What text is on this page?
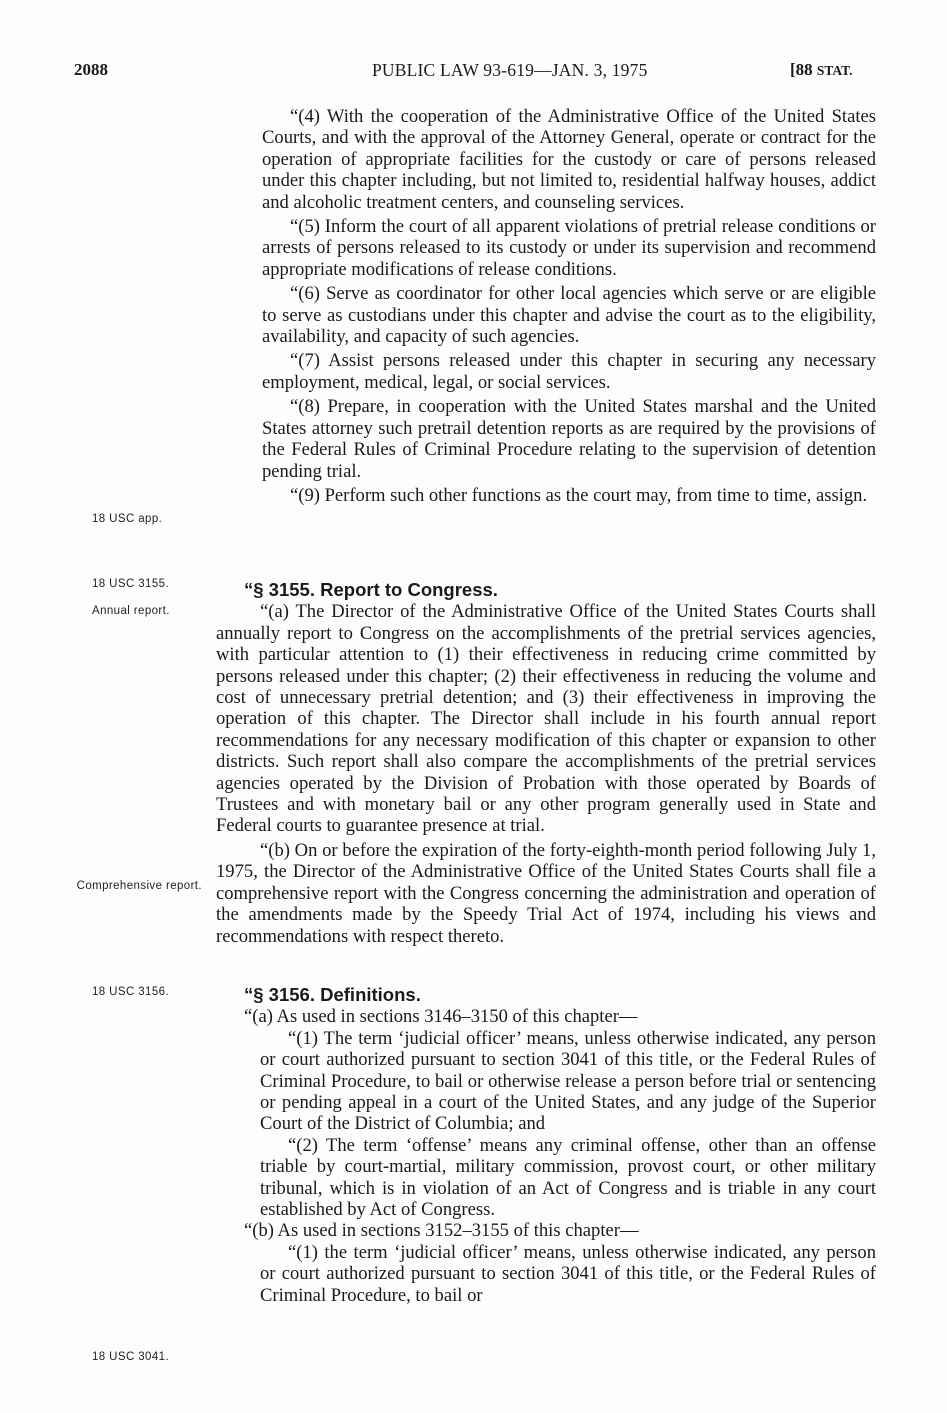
2088	PUBLIC LAW 93-619—JAN. 3, 1975	[88 STAT.
18 USC app.
18 USC 3155.
Annual report.
Comprehensive report.
18 USC 3156.
18 USC 3041.

“(4) With the cooperation of the Administrative Office of the United States Courts, and with the approval of the Attorney General, operate or contract for the operation of appropriate facilities for the custody or care of persons released under this chapter including, but not limited to, residential halfway houses, addict and alcoholic treatment centers, and counseling services.

“(5) Inform the court of all apparent violations of pretrial release conditions or arrests of persons released to its custody or under its supervision and recommend appropriate modifications of release conditions.

“(6) Serve as coordinator for other local agencies which serve or are eligible to serve as custodians under this chapter and advise the court as to the eligibility, availability, and capacity of such agencies.

“(7) Assist persons released under this chapter in securing any necessary employment, medical, legal, or social services.

“(8) Prepare, in cooperation with the United States marshal and the United States attorney such pretrail detention reports as are required by the provisions of the Federal Rules of Criminal Procedure relating to the supervision of detention pending trial.

“(9) Perform such other functions as the court may, from time to time, assign.

“§ 3155. Report to Congress.

“(a) The Director of the Administrative Office of the United States Courts shall annually report to Congress on the accomplishments of the pretrial services agencies, with particular attention to (1) their effectiveness in reducing crime committed by persons released under this chapter; (2) their effectiveness in reducing the volume and cost of unnecessary pretrial detention; and (3) their effectiveness in improving the operation of this chapter. The Director shall include in his fourth annual report recommendations for any necessary modification of this chapter or expansion to other districts. Such report shall also compare the accomplishments of the pretrial services agencies operated by the Division of Probation with those operated by Boards of Trustees and with monetary bail or any other program generally used in State and Federal courts to guarantee presence at trial.

“(b) On or before the expiration of the forty-eighth-month period following July 1, 1975, the Director of the Administrative Office of the United States Courts shall file a comprehensive report with the Congress concerning the administration and operation of the amendments made by the Speedy Trial Act of 1974, including his views and recommendations with respect thereto.

“§ 3156. Definitions.

“(a) As used in sections 3146–3150 of this chapter—

“(1) The term ‘judicial officer’ means, unless otherwise indicated, any person or court authorized pursuant to section 3041 of this title, or the Federal Rules of Criminal Procedure, to bail or otherwise release a person before trial or sentencing or pending appeal in a court of the United States, and any judge of the Superior Court of the District of Columbia; and

“(2) The term ‘offense’ means any criminal offense, other than an offense triable by court-martial, military commission, provost court, or other military tribunal, which is in violation of an Act of Congress and is triable in any court established by Act of Congress.

“(b) As used in sections 3152–3155 of this chapter—

“(1) the term ‘judicial officer’ means, unless otherwise indicated, any person or court authorized pursuant to section 3041 of this title, or the Federal Rules of Criminal Procedure, to bail or
